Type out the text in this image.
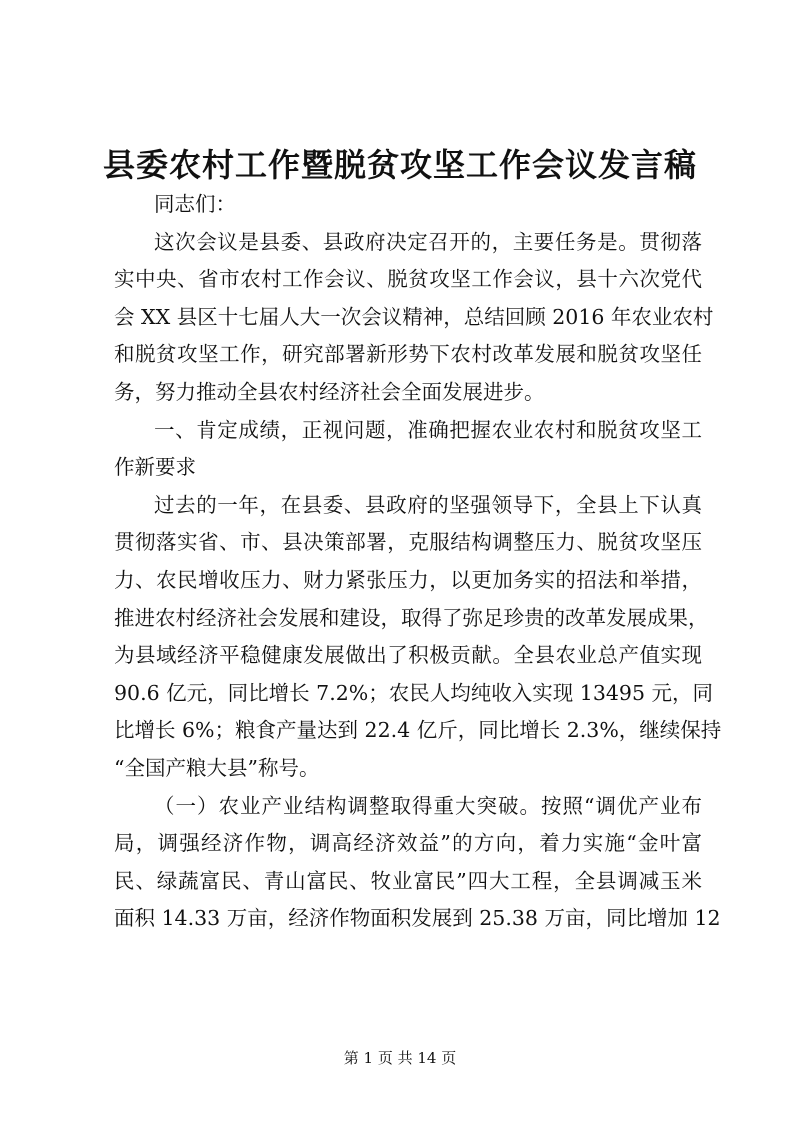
县委农村工作暨脱贫攻坚工作会议发言稿
同志们：
这次会议是县委、县政府决定召开的，主要任务是。贯彻落
实中央、省市农村工作会议、脱贫攻坚工作会议，县十六次党代
会 XX 县区十七届人大一次会议精神，总结回顾 2016 年农业农村
和脱贫攻坚工作，研究部署新形势下农村改革发展和脱贫攻坚任
务，努力推动全县农村经济社会全面发展进步。
一、肯定成绩，正视问题，准确把握农业农村和脱贫攻坚工
作新要求
过去的一年，在县委、县政府的坚强领导下，全县上下认真
贯彻落实省、市、县决策部署，克服结构调整压力、脱贫攻坚压
力、农民增收压力、财力紧张压力，以更加务实的招法和举措，
推进农村经济社会发展和建设，取得了弥足珍贵的改革发展成果，
为县域经济平稳健康发展做出了积极贡献。全县农业总产值实现
90.6 亿元，同比增长 7.2%；农民人均纯收入实现 13495 元，同
比增长 6%；粮食产量达到 22.4 亿斤，同比增长 2.3%，继续保持
“全国产粮大县”称号。
（一）农业产业结构调整取得重大突破。按照“调优产业布
局，调强经济作物，调高经济效益”的方向，着力实施“金叶富
民、绿蔬富民、青山富民、牧业富民”四大工程，全县调减玉米
面积 14.33 万亩，经济作物面积发展到 25.38 万亩，同比增加 12
第 1 页 共 14 页
